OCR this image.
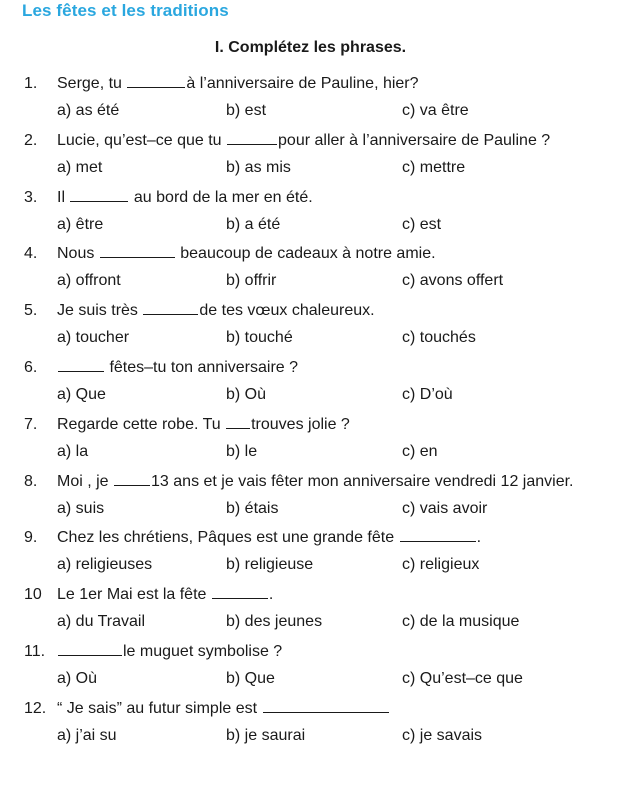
Les fêtes et les traditions
I. Complétez les phrases.
1. Serge, tu	à l’anniversaire de Pauline, hier?
a) as été	b) est	c) va être
2. Lucie, qu’est–ce que tu	pour aller à l’anniversaire de Pauline ?
a) met	b) as mis	c) mettre
3. Il	au bord de la mer en été.
a) être	b) a été	c) est
4. Nous	beaucoup de cadeaux à notre amie.
a) offront	b) offrir	c) avons offert
5. Je suis très	de tes vœux chaleureux.
a) toucher	b) touché	c) touchés
6.	fêtes–tu ton anniversaire ?
a) Que	b) Où	c) D’où
7. Regarde cette robe. Tu trouves jolie ?
a) la	b) le	c) en
8. Moi , je	13 ans et je vais fêter mon anniversaire vendredi 12 janvier.
a) suis	b) étais	c) vais avoir
9. Chez les chrétiens, Pâques est une grande fête	.
a) religieuses	b) religieuse	c) religieux
10 Le 1er Mai est la fête	.
a) du Travail	b) des jeunes	c) de la musique
11.	le muguet symbolise ?
a) Où	b) Que	c) Qu’est–ce que
12. “ Je sais” au futur simple est
a) j’ai su	b) je saurai	c) je savais
